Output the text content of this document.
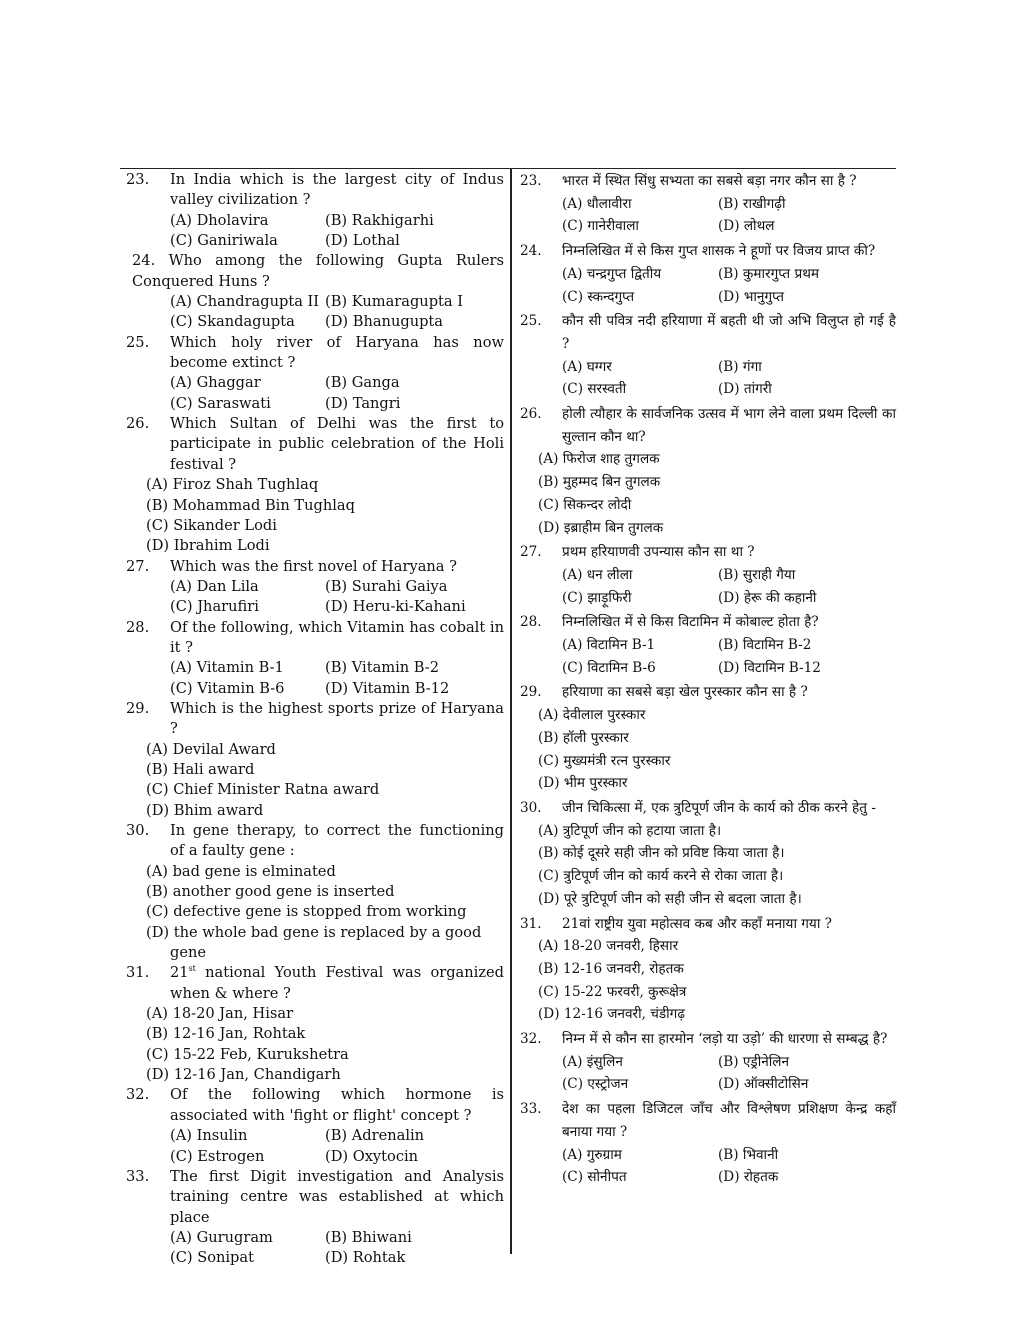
23. In India which is the largest city of Indus valley civilization ?
(A) Dholavira	(B) Rakhigarhi
(C) Ganiriwala	(D) Lothal
24. Who among the following Gupta Rulers Conquered Huns ?
(A) Chandragupta II (B) Kumaragupta I
(C) Skandagupta	(D) Bhanugupta
25. Which holy river of Haryana has now become extinct ?
(A) Ghaggar	(B) Ganga
(C) Saraswati	(D) Tangri
26. Which Sultan of Delhi was the first to participate in public celebration of the Holi festival ?
(A) Firoz Shah Tughlaq
(B) Mohammad Bin Tughlaq
(C) Sikander Lodi
(D) Ibrahim Lodi
27. Which was the first novel of Haryana ?
(A) Dan Lila	(B) Surahi Gaiya
(C) Jharufiri	(D) Heru-ki-Kahani
28. Of the following, which Vitamin has cobalt in it ?
(A) Vitamin B-1	(B) Vitamin B-2
(C) Vitamin B-6	(D) Vitamin B-12
29. Which is the highest sports prize of Haryana ?
(A) Devilal Award
(B) Hali award
(C) Chief Minister Ratna award
(D) Bhim award
30. In gene therapy, to correct the functioning of a faulty gene :
(A) bad gene is elminated
(B) another good gene is inserted
(C) defective gene is stopped from working
(D) the whole bad gene is replaced by a good gene
31. 21st national Youth Festival was organized when & where ?
(A) 18-20 Jan, Hisar
(B) 12-16 Jan, Rohtak
(C) 15-22 Feb, Kurukshetra
(D) 12-16 Jan, Chandigarh
32. Of the following which hormone is associated with 'fight or flight' concept ?
(A) Insulin	(B) Adrenalin
(C) Estrogen	(D) Oxytocin
33. The first Digit investigation and Analysis training centre was established at which place
(A) Gurugram	(B) Bhiwani
(C) Sonipat	(D) Rohtak
23. भारत में स्थित सिंधु सभ्यता का सबसे बड़ा नगर कौन सा है ?
(A) धौलावीरा	(B) राखीगढ़ी
(C) गानेरीवाला	(D) लोथल
24. निम्नलिखित में से किस गुप्त शासक ने हूणों पर विजय प्राप्त की?
(A) चन्द्रगुप्त द्वितीय	(B) कुमारगुप्त प्रथम
(C) स्कन्दगुप्त	(D) भानुगुप्त
25. कौन सी पवित्र नदी हरियाणा में बहती थी जो अभि विलुप्त हो गई है ?
(A) घग्गर	(B) गंगा
(C) सरस्वती	(D) तांगरी
26. होली त्यौहार के सार्वजनिक उत्सव में भाग लेने वाला प्रथम दिल्ली का सुल्तान कौन था?
(A) फिरोज शाह तुगलक
(B) मुहम्मद बिन तुगलक
(C) सिकन्दर लोदी
(D) इब्राहीम बिन तुगलक
27. प्रथम हरियाणवी उपन्यास कौन सा था ?
(A) धन लीला	(B) सुराही गैया
(C) झाड़ूफिरी	(D) हेरू की कहानी
28. निम्नलिखित में से किस विटामिन में कोबाल्ट होता है?
(A) विटामिन B-1	(B) विटामिन B-2
(C) विटामिन B-6	(D) विटामिन B-12
29. हरियाणा का सबसे बड़ा खेल पुरस्कार कौन सा है ?
(A) देवीलाल पुरस्कार
(B) हॉली पुरस्कार
(C) मुख्यमंत्री रत्न पुरस्कार
(D) भीम पुरस्कार
30. जीन चिकित्सा में, एक त्रुटिपूर्ण जीन के कार्य को ठीक करने हेतु -
(A) त्रुटिपूर्ण जीन को हटाया जाता है।
(B) कोई दूसरे सही जीन को प्रविष्ट किया जाता है।
(C) त्रुटिपूर्ण जीन को कार्य करने से रोका जाता है।
(D) पूरे त्रुटिपूर्ण जीन को सही जीन से बदला जाता है।
31. 21वां राष्ट्रीय युवा महोत्सव कब और कहाँ मनाया गया ?
(A) 18-20 जनवरी, हिसार
(B) 12-16 जनवरी, रोहतक
(C) 15-22 फरवरी, कुरूक्षेत्र
(D) 12-16 जनवरी, चंडीगढ़
32. निम्न में से कौन सा हारमोन ‘लड़ो या उड़ो’ की धारणा से सम्बद्ध है?
(A) इंसुलिन	(B) एड्रीनेलिन
(C) एस्ट्रोजन	(D) ऑक्सीटोसिन
33. देश का पहला डिजिटल जाँच और विश्लेषण प्रशिक्षण केन्द्र कहाँ बनाया गया ?
(A) गुरुग्राम	(B) भिवानी
(C) सोनीपत	(D) रोहतक
